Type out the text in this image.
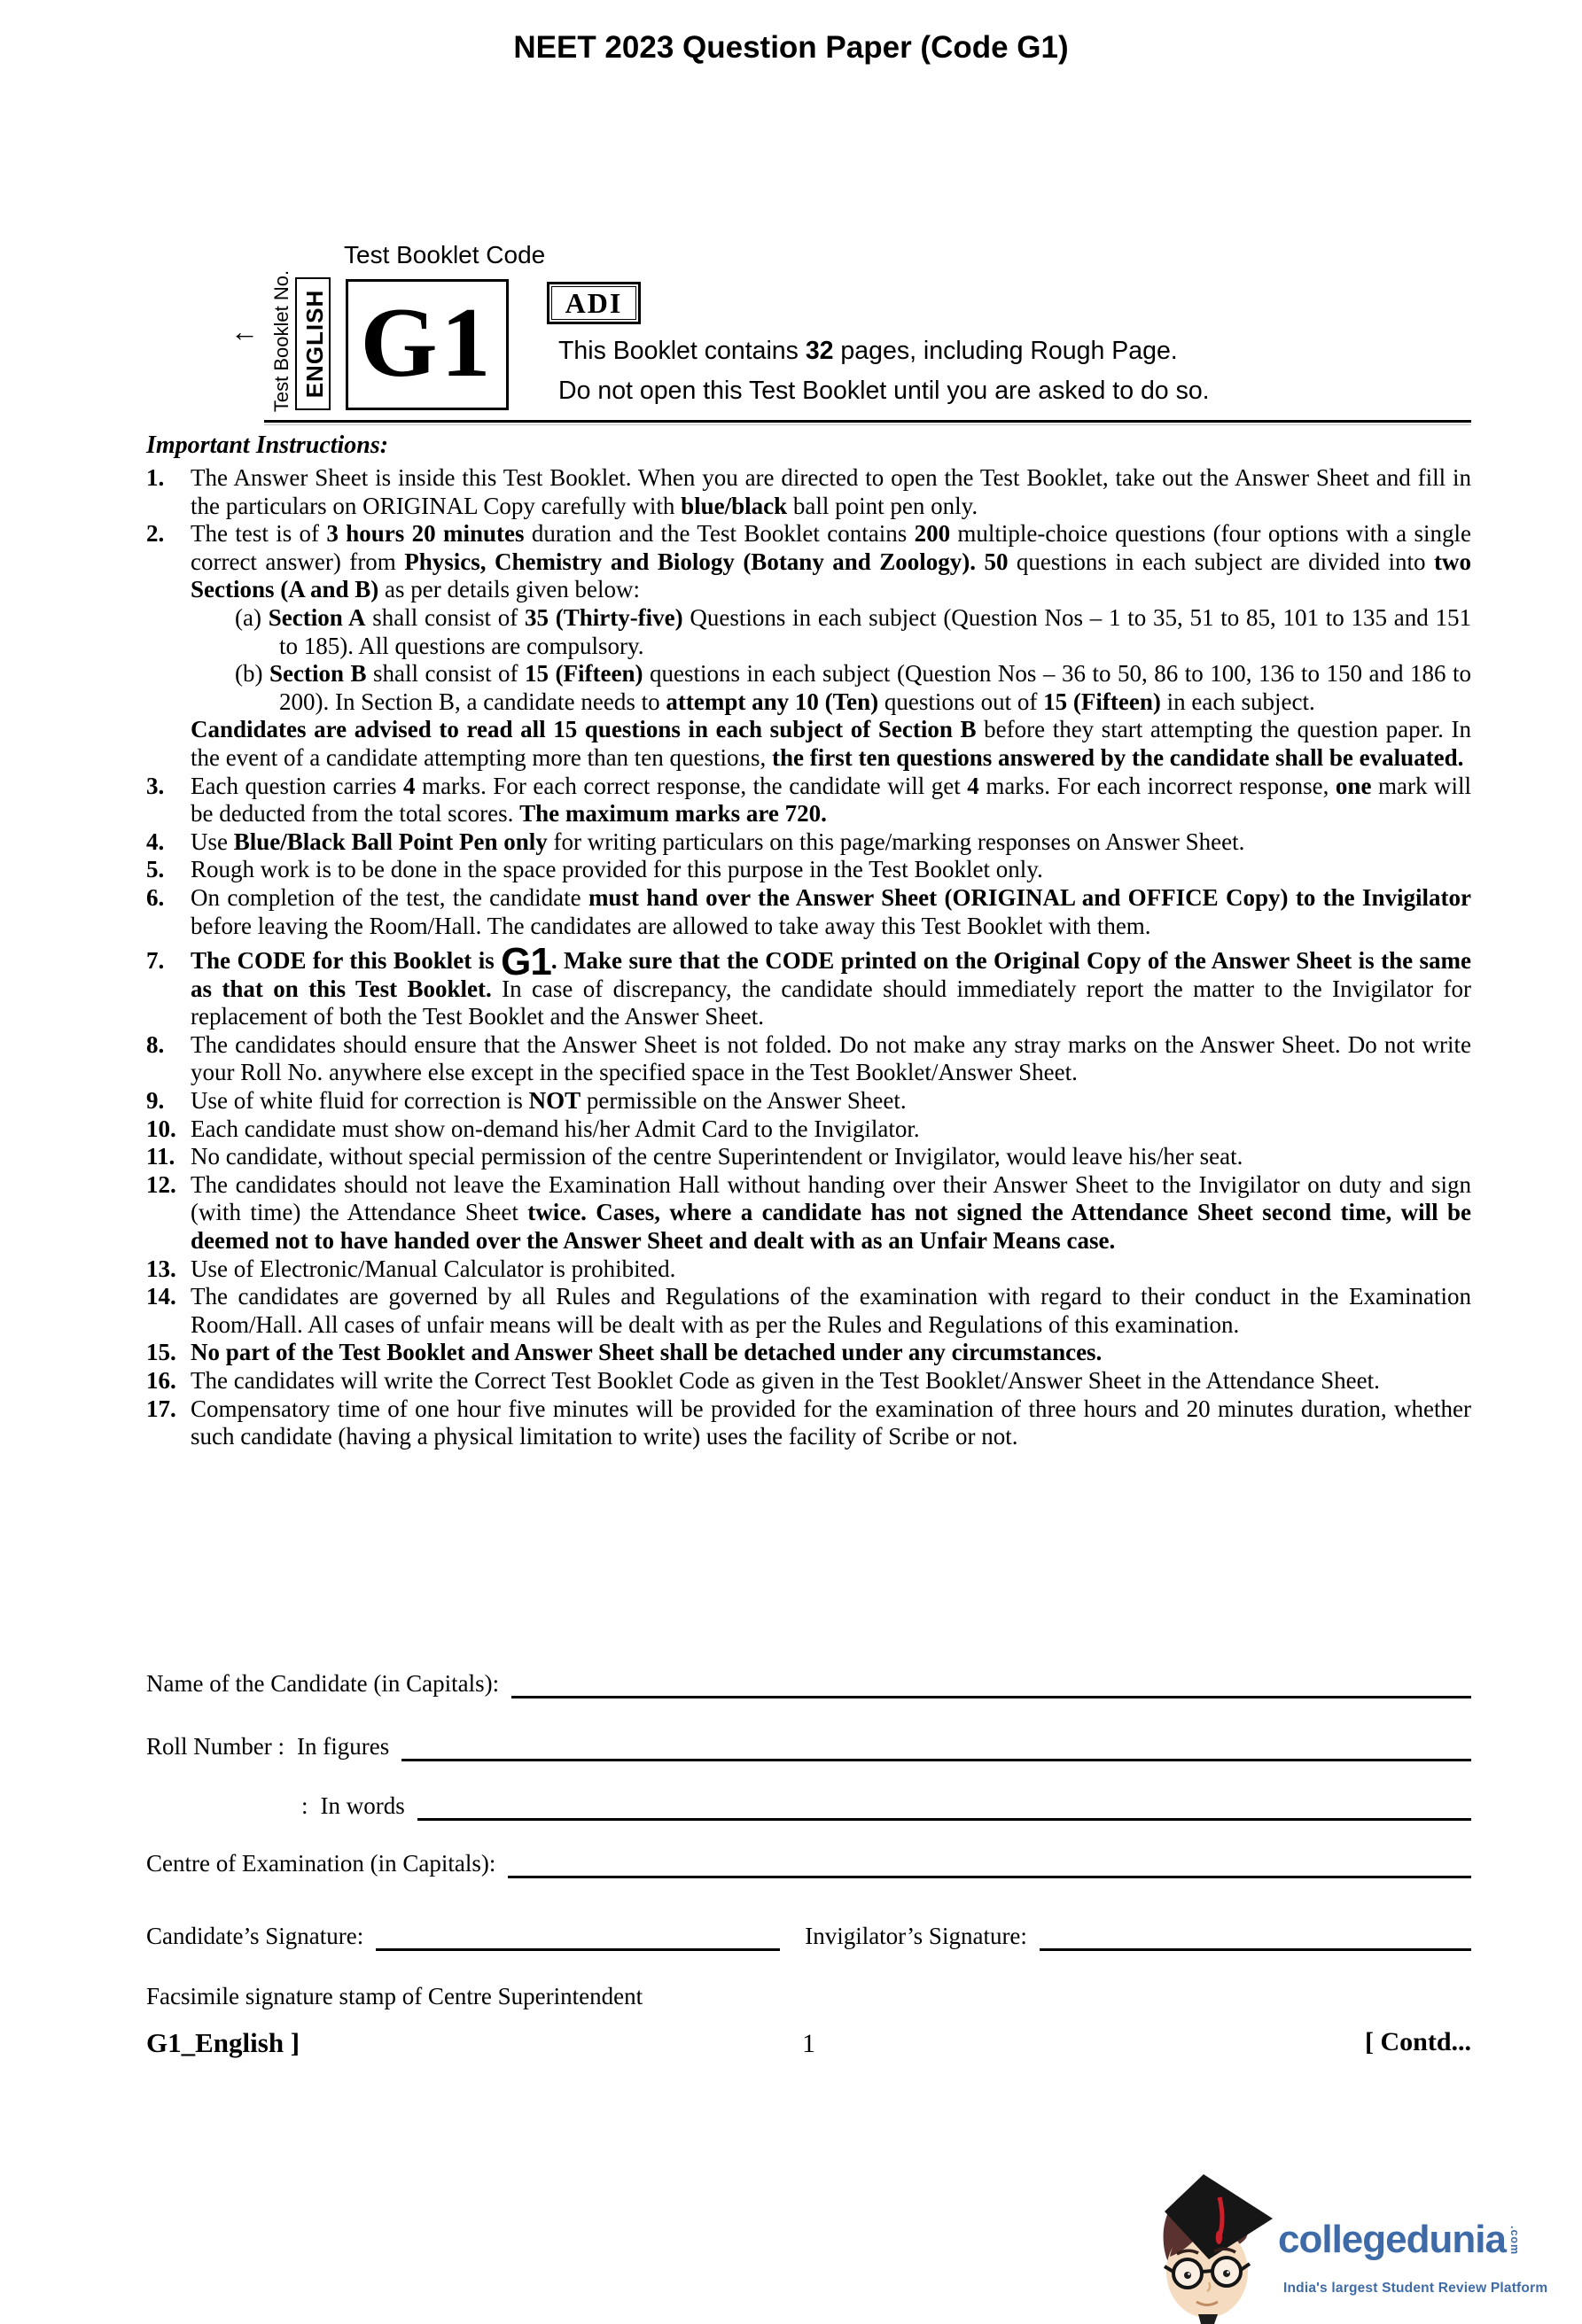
NEET 2023 Question Paper (Code G1)
← Test Booklet No. ENGLISH
Test Booklet Code
G1	ADI
This Booklet contains 32 pages, including Rough Page.
Do not open this Test Booklet until you are asked to do so.
Important Instructions:
1.	The Answer Sheet is inside this Test Booklet. When you are directed to open the Test Booklet, take out the Answer Sheet and fill in the particulars on ORIGINAL Copy carefully with blue/black ball point pen only.
2.	The test is of 3 hours 20 minutes duration and the Test Booklet contains 200 multiple-choice questions (four options with a single correct answer) from Physics, Chemistry and Biology (Botany and Zoology). 50 questions in each subject are divided into two Sections (A and B) as per details given below:
(a) Section A shall consist of 35 (Thirty-five) Questions in each subject (Question Nos – 1 to 35, 51 to 85, 101 to 135 and 151 to 185). All questions are compulsory.
(b) Section B shall consist of 15 (Fifteen) questions in each subject (Question Nos – 36 to 50, 86 to 100, 136 to 150 and 186 to 200). In Section B, a candidate needs to attempt any 10 (Ten) questions out of 15 (Fifteen) in each subject.
Candidates are advised to read all 15 questions in each subject of Section B before they start attempting the question paper. In the event of a candidate attempting more than ten questions, the first ten questions answered by the candidate shall be evaluated.
3.	Each question carries 4 marks. For each correct response, the candidate will get 4 marks. For each incorrect response, one mark will be deducted from the total scores. The maximum marks are 720.
4.	Use Blue/Black Ball Point Pen only for writing particulars on this page/marking responses on Answer Sheet.
5.	Rough work is to be done in the space provided for this purpose in the Test Booklet only.
6.	On completion of the test, the candidate must hand over the Answer Sheet (ORIGINAL and OFFICE Copy) to the Invigilator before leaving the Room/Hall. The candidates are allowed to take away this Test Booklet with them.
7.	The CODE for this Booklet is G1. Make sure that the CODE printed on the Original Copy of the Answer Sheet is the same as that on this Test Booklet. In case of discrepancy, the candidate should immediately report the matter to the Invigilator for replacement of both the Test Booklet and the Answer Sheet.
8.	The candidates should ensure that the Answer Sheet is not folded. Do not make any stray marks on the Answer Sheet. Do not write your Roll No. anywhere else except in the specified space in the Test Booklet/Answer Sheet.
9.	Use of white fluid for correction is NOT permissible on the Answer Sheet.
10. Each candidate must show on-demand his/her Admit Card to the Invigilator.
11. No candidate, without special permission of the centre Superintendent or Invigilator, would leave his/her seat.
12. The candidates should not leave the Examination Hall without handing over their Answer Sheet to the Invigilator on duty and sign (with time) the Attendance Sheet twice. Cases, where a candidate has not signed the Attendance Sheet second time, will be deemed not to have handed over the Answer Sheet and dealt with as an Unfair Means case.
13. Use of Electronic/Manual Calculator is prohibited.
14. The candidates are governed by all Rules and Regulations of the examination with regard to their conduct in the Examination Room/Hall. All cases of unfair means will be dealt with as per the Rules and Regulations of this examination.
15. No part of the Test Booklet and Answer Sheet shall be detached under any circumstances.
16. The candidates will write the Correct Test Booklet Code as given in the Test Booklet/Answer Sheet in the Attendance Sheet.
17. Compensatory time of one hour five minutes will be provided for the examination of three hours and 20 minutes duration, whether such candidate (having a physical limitation to write) uses the facility of Scribe or not.
Name of the Candidate (in Capitals):
Roll Number : In figures
: In words
Centre of Examination (in Capitals):
Candidate’s Signature:	Invigilator’s Signature:
Facsimile signature stamp of Centre Superintendent
G1_English ]	1	[ Contd...
collegedunia .com
India's largest Student Review Platform
